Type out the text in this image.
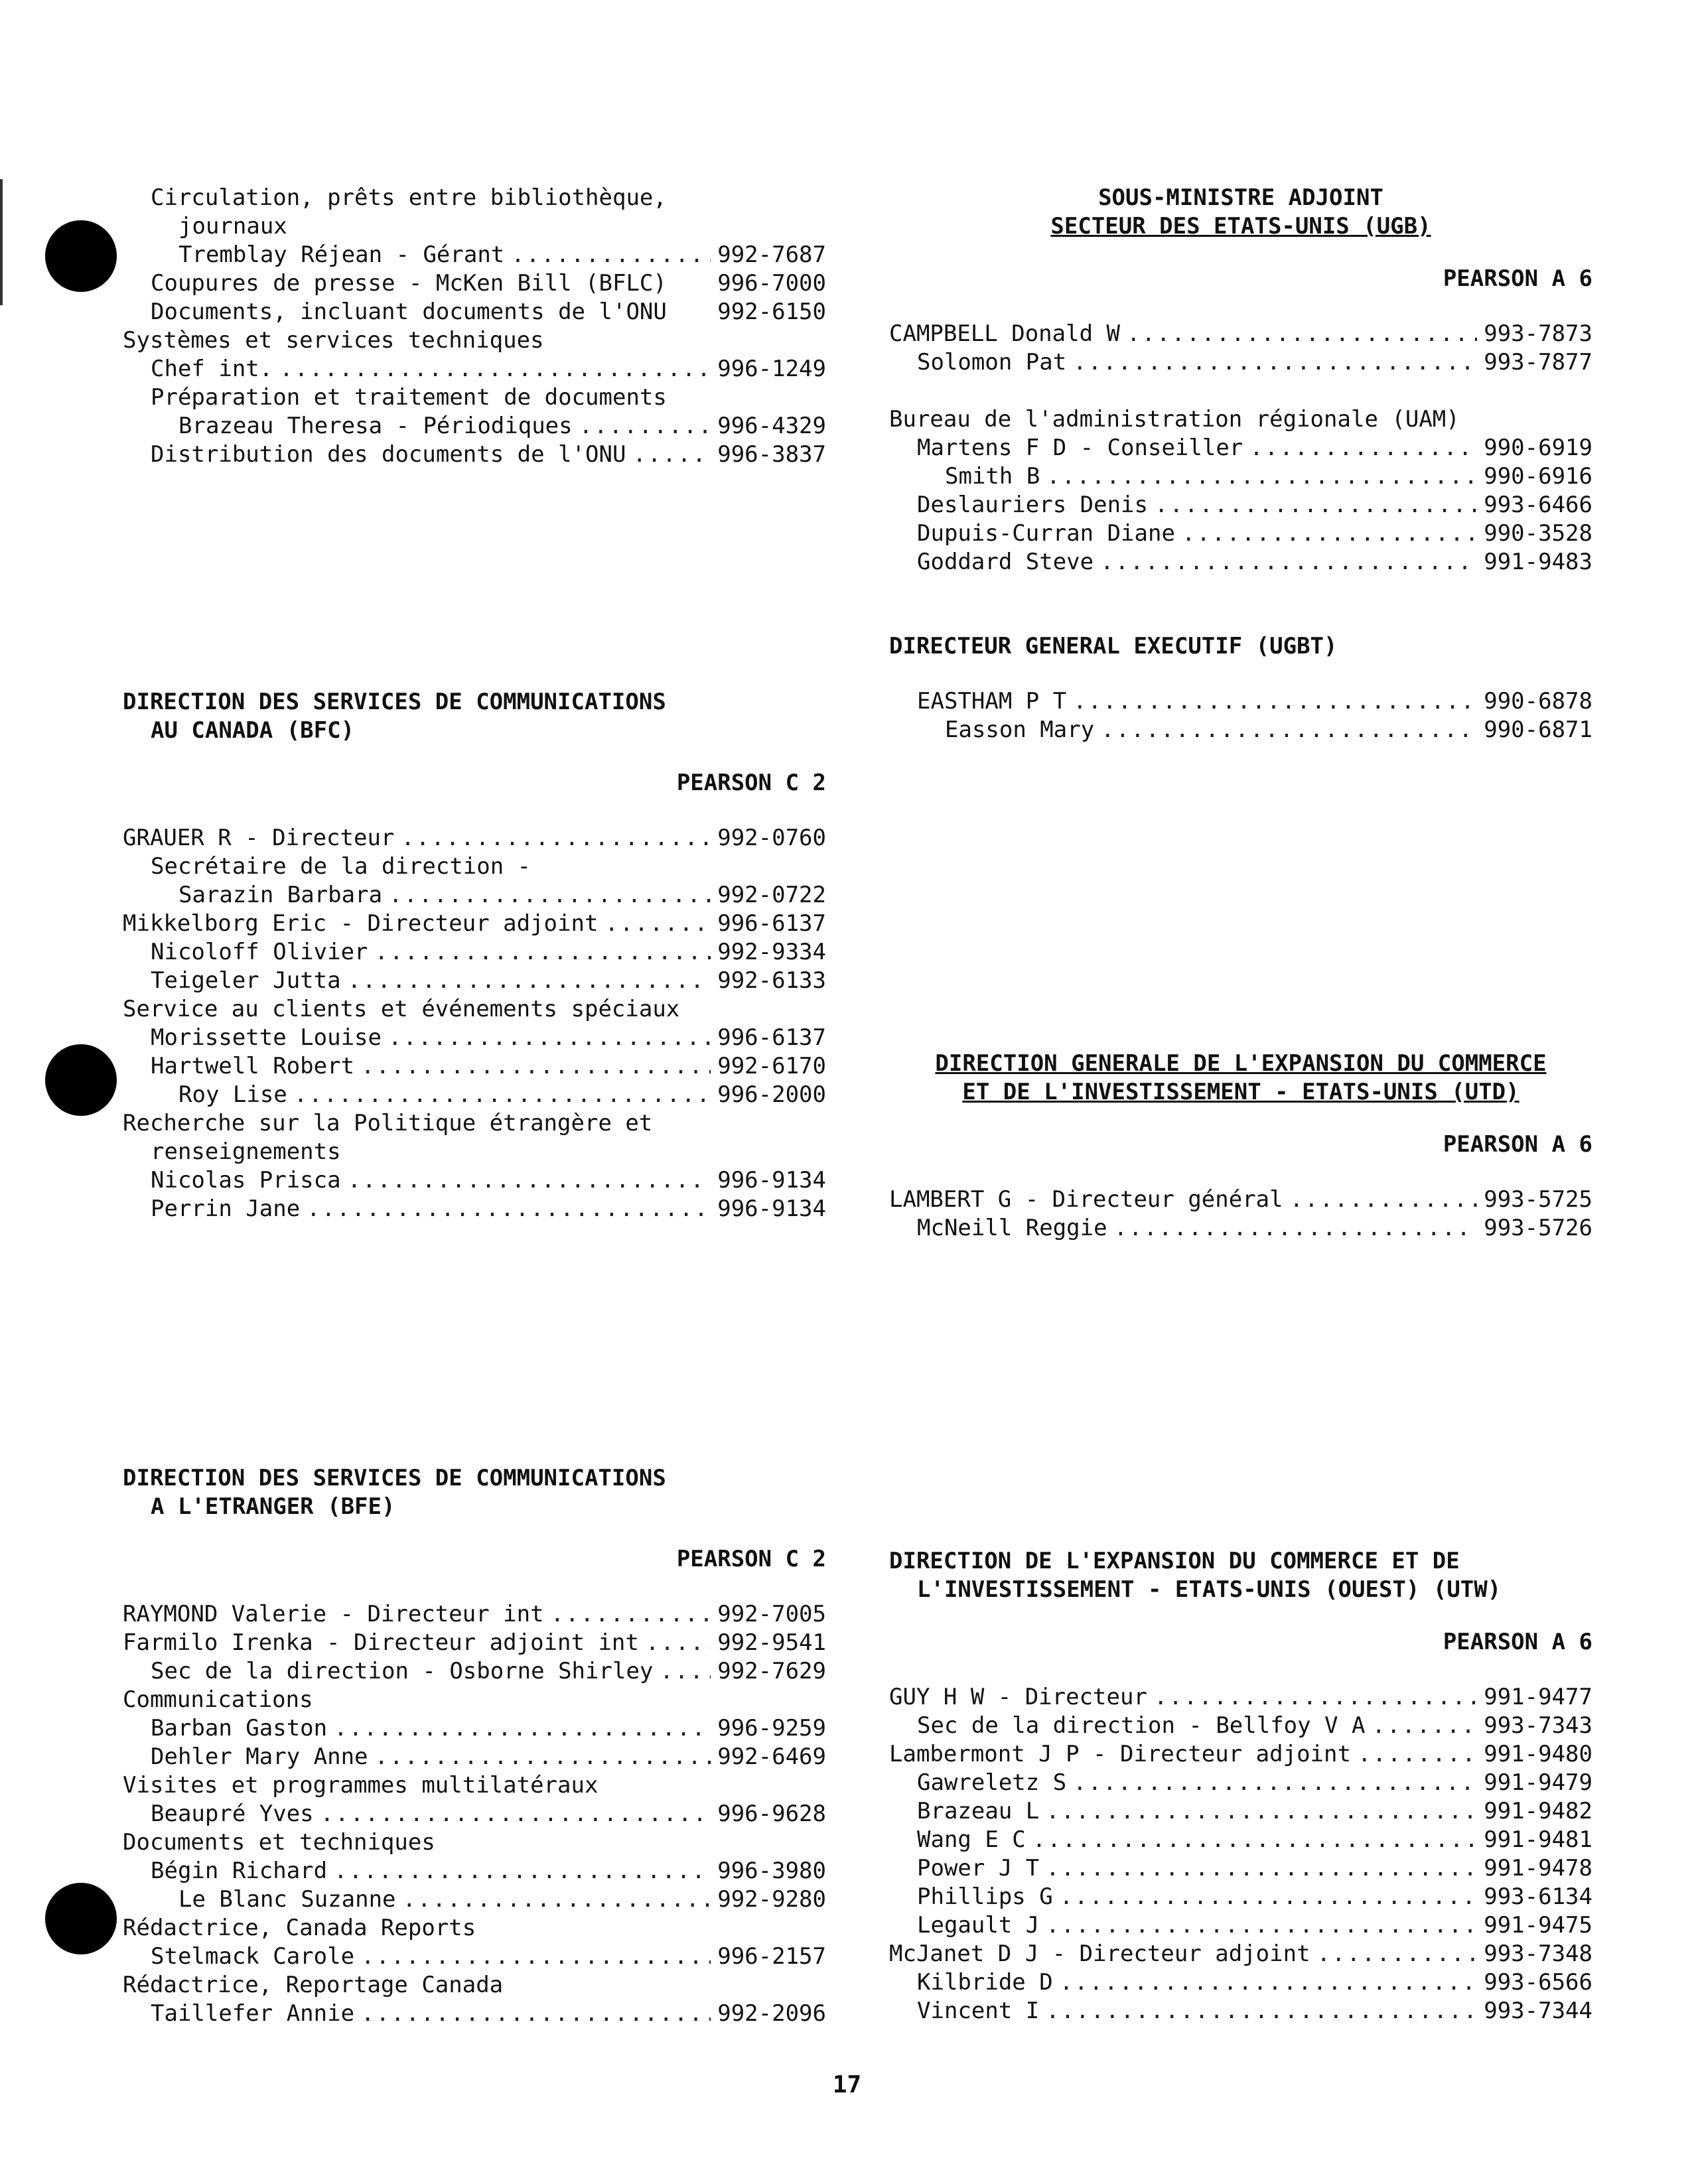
Circulation, prêts entre bibliothèque,
journaux
Tremblay Réjean - Gérant .....	992-7687
Coupures de presse - McKen Bill (BFLC) 996-7000
Documents, incluant documents de l'ONU 992-6150
Systèmes et services techniques
Chef int. .....	996-1249
Préparation et traitement de documents
Brazeau Theresa - Périodiques .....	996-4329
Distribution des documents de l'ONU .....	996-3837
DIRECTION DES SERVICES DE COMMUNICATIONS
AU CANADA (BFC)
PEARSON C 2
GRAUER R - Directeur .....	992-0760
Secrétaire de la direction -
Sarazin Barbara .....	992-0722
Mikkelborg Eric - Directeur adjoint .....	996-6137
Nicoloff Olivier .....	992-9334
Teigeler Jutta .....	992-6133
Service au clients et événements spéciaux
Morissette Louise .....	996-6137
Hartwell Robert .....	992-6170
Roy Lise .....	996-2000
Recherche sur la Politique étrangère et
renseignements
Nicolas Prisca .....	996-9134
Perrin Jane .....	996-9134
DIRECTION DES SERVICES DE COMMUNICATIONS
A L'ETRANGER (BFE)
PEARSON C 2
RAYMOND Valerie - Directeur int .....	992-7005
Farmilo Irenka - Directeur adjoint int .....	992-9541
Sec de la direction - Osborne Shirley .....	992-7629
Communications
Barban Gaston .....	996-9259
Dehler Mary Anne .....	992-6469
Visites et programmes multilatéraux
Beaupré Yves .....	996-9628
Documents et techniques
Bégin Richard .....	996-3980
Le Blanc Suzanne .....	992-9280
Rédactrice, Canada Reports
Stelmack Carole .....	996-2157
Rédactrice, Reportage Canada
Taillefer Annie .....	992-2096
SOUS-MINISTRE ADJOINT
SECTEUR DES ETATS-UNIS (UGB)
PEARSON A 6
CAMPBELL Donald W .....	993-7873
Solomon Pat .....	993-7877
Bureau de l'administration régionale (UAM)
Martens F D - Conseiller .....	990-6919
Smith B .....	990-6916
Deslauriers Denis .....	993-6466
Dupuis-Curran Diane .....	990-3528
Goddard Steve .....	991-9483
DIRECTEUR GENERAL EXECUTIF (UGBT)
EASTHAM P T .....	990-6878
Easson Mary .....	990-6871
DIRECTION GENERALE DE L'EXPANSION DU COMMERCE
ET DE L'INVESTISSEMENT - ETATS-UNIS (UTD)
PEARSON A 6
LAMBERT G - Directeur général .....	993-5725
McNeill Reggie .....	993-5726
DIRECTION DE L'EXPANSION DU COMMERCE ET DE
L'INVESTISSEMENT - ETATS-UNIS (OUEST) (UTW)
PEARSON A 6
GUY H W - Directeur .....	991-9477
Sec de la direction - Bellfoy V A .....	993-7343
Lambermont J P - Directeur adjoint .....	991-9480
Gawreletz S .....	991-9479
Brazeau L .....	991-9482
Wang E C .....	991-9481
Power J T .....	991-9478
Phillips G .....	993-6134
Legault J .....	991-9475
McJanet D J - Directeur adjoint .....	993-7348
Kilbride D .....	993-6566
Vincent I .....	993-7344
17
